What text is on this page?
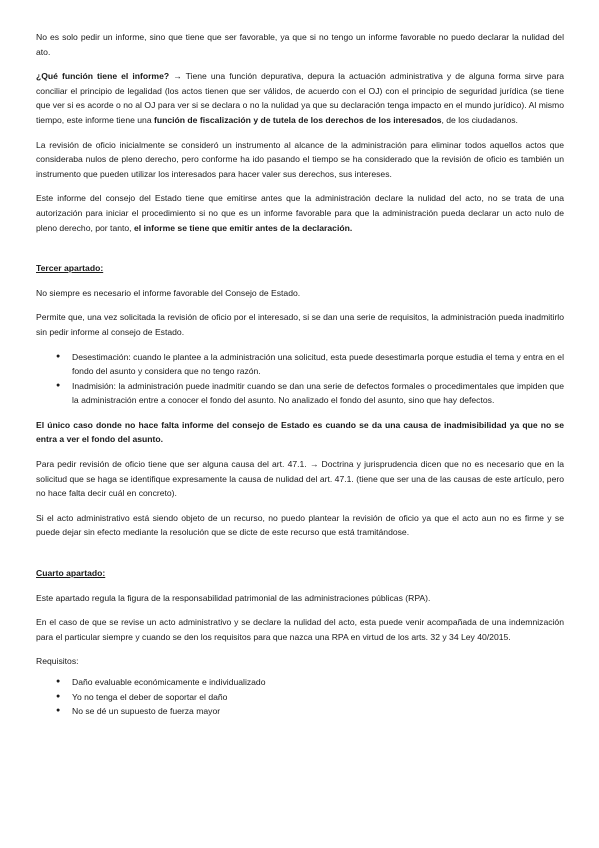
No es solo pedir un informe, sino que tiene que ser favorable, ya que si no tengo un informe favorable no puedo declarar la nulidad del ato.

¿Qué función tiene el informe? → Tiene una función depurativa, depura la actuación administrativa y de alguna forma sirve para conciliar el principio de legalidad (los actos tienen que ser válidos, de acuerdo con el OJ) con el principio de seguridad jurídica (se tiene que ver si es acorde o no al OJ para ver si se declara o no la nulidad ya que su declaración tenga impacto en el mundo jurídico). Al mismo tiempo, este informe tiene una función de fiscalización y de tutela de los derechos de los interesados, de los ciudadanos.

La revisión de oficio inicialmente se consideró un instrumento al alcance de la administración para eliminar todos aquellos actos que consideraba nulos de pleno derecho, pero conforme ha ido pasando el tiempo se ha considerado que la revisión de oficio es también un instrumento que pueden utilizar los interesados para hacer valer sus derechos, sus intereses.

Este informe del consejo del Estado tiene que emitirse antes que la administración declare la nulidad del acto, no se trata de una autorización para iniciar el procedimiento si no que es un informe favorable para que la administración pueda declarar un acto nulo de pleno derecho, por tanto, el informe se tiene que emitir antes de la declaración.

Tercer apartado:

No siempre es necesario el informe favorable del Consejo de Estado.

Permite que, una vez solicitada la revisión de oficio por el interesado, si se dan una serie de requisitos, la administración pueda inadmitirlo sin pedir informe al consejo de Estado.

● Desestimación: cuando le plantee a la administración una solicitud, esta puede desestimarla porque estudia el tema y entra en el fondo del asunto y considera que no tengo razón.
● Inadmisión: la administración puede inadmitir cuando se dan una serie de defectos formales o procedimentales que impiden que la administración entre a conocer el fondo del asunto. No analizado el fondo del asunto, sino que hay defectos.

El único caso donde no hace falta informe del consejo de Estado es cuando se da una causa de inadmisibilidad ya que no se entra a ver el fondo del asunto.

Para pedir revisión de oficio tiene que ser alguna causa del art. 47.1. → Doctrina y jurisprudencia dicen que no es necesario que en la solicitud que se haga se identifique expresamente la causa de nulidad del art. 47.1. (tiene que ser una de las causas de este artículo, pero no hace falta decir cuál en concreto).

Si el acto administrativo está siendo objeto de un recurso, no puedo plantear la revisión de oficio ya que el acto aun no es firme y se puede dejar sin efecto mediante la resolución que se dicte de este recurso que está tramitándose.

Cuarto apartado:

Este apartado regula la figura de la responsabilidad patrimonial de las administraciones públicas (RPA).

En el caso de que se revise un acto administrativo y se declare la nulidad del acto, esta puede venir acompañada de una indemnización para el particular siempre y cuando se den los requisitos para que nazca una RPA en virtud de los arts. 32 y 34 Ley 40/2015.

Requisitos:

● Daño evaluable económicamente e individualizado
● Yo no tenga el deber de soportar el daño
● No se dé un supuesto de fuerza mayor
